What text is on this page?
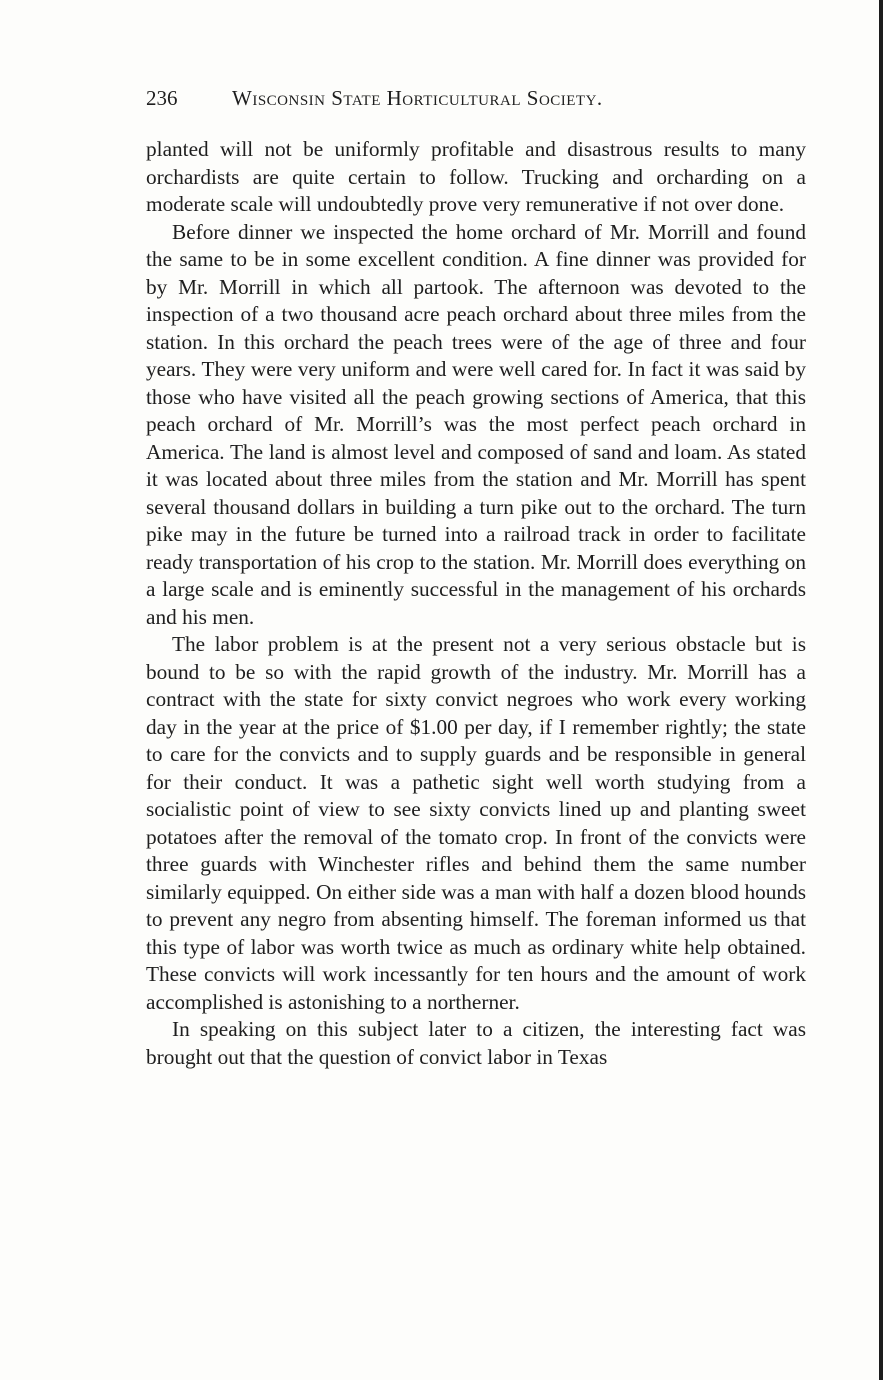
236	Wisconsin State Horticultural Society.

planted will not be uniformly profitable and disastrous results to many orchardists are quite certain to follow. Trucking and orcharding on a moderate scale will undoubtedly prove very remunerative if not over done.

Before dinner we inspected the home orchard of Mr. Morrill and found the same to be in some excellent condition. A fine dinner was provided for by Mr. Morrill in which all partook. The afternoon was devoted to the inspection of a two thousand acre peach orchard about three miles from the station. In this orchard the peach trees were of the age of three and four years. They were very uniform and were well cared for. In fact it was said by those who have visited all the peach growing sections of America, that this peach orchard of Mr. Morrill’s was the most perfect peach orchard in America. The land is almost level and composed of sand and loam. As stated it was located about three miles from the station and Mr. Morrill has spent several thousand dollars in building a turn pike out to the orchard. The turn pike may in the future be turned into a railroad track in order to facilitate ready transportation of his crop to the station. Mr. Morrill does everything on a large scale and is eminently successful in the management of his orchards and his men.

The labor problem is at the present not a very serious obstacle but is bound to be so with the rapid growth of the industry. Mr. Morrill has a contract with the state for sixty convict negroes who work every working day in the year at the price of $1.00 per day, if I remember rightly; the state to care for the convicts and to supply guards and be responsible in general for their conduct. It was a pathetic sight well worth studying from a socialistic point of view to see sixty convicts lined up and planting sweet potatoes after the removal of the tomato crop. In front of the convicts were three guards with Winchester rifles and behind them the same number similarly equipped. On either side was a man with half a dozen blood hounds to prevent any negro from absenting himself. The foreman informed us that this type of labor was worth twice as much as ordinary white help obtained. These convicts will work incessantly for ten hours and the amount of work accomplished is astonishing to a northerner.

In speaking on this subject later to a citizen, the interesting fact was brought out that the question of convict labor in Texas
